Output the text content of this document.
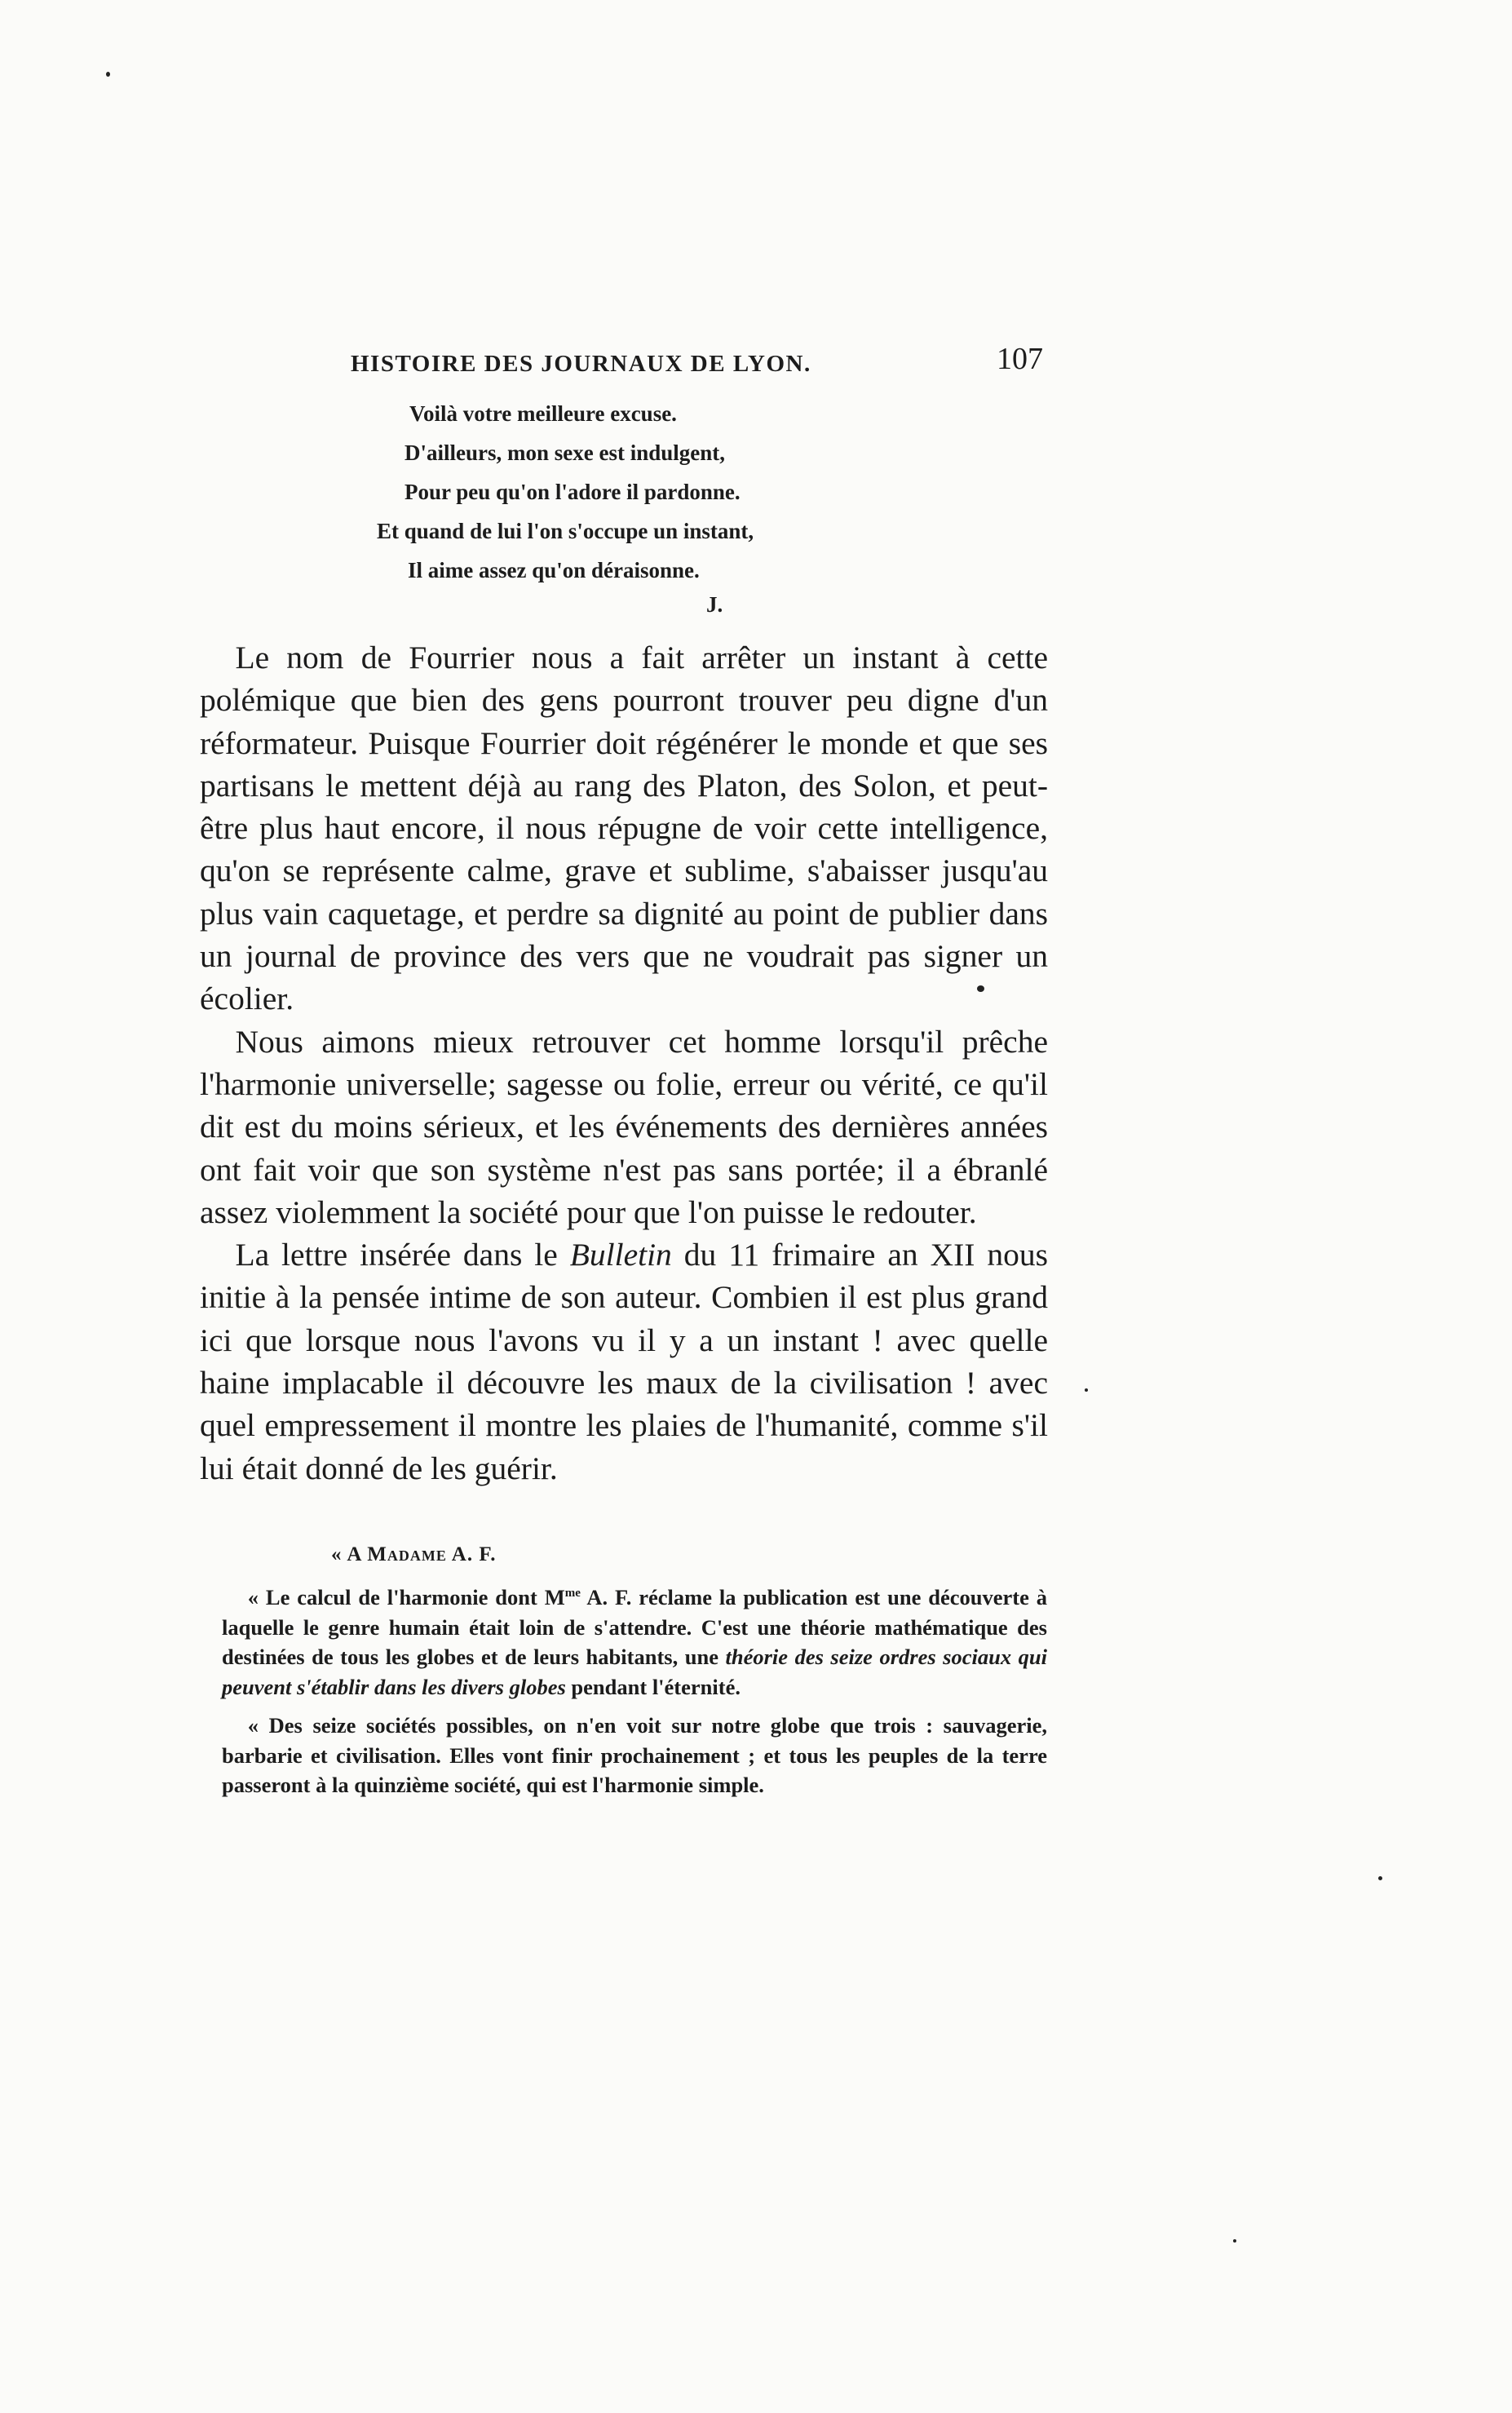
HISTOIRE DES JOURNAUX DE LYON.	107
Voilà votre meilleure excuse.
D'ailleurs, mon sexe est indulgent,
Pour peu qu'on l'adore il pardonne.
Et quand de lui l'on s'occupe un instant,
Il aime assez qu'on déraisonne.
J.

Le nom de Fourrier nous a fait arrêter un instant à cette polémique que bien des gens pourront trouver peu digne d'un réformateur. Puisque Fourrier doit régénérer le monde et que ses partisans le mettent déjà au rang des Platon, des Solon, et peut-être plus haut encore, il nous répugne de voir cette intelligence, qu'on se représente calme, grave et sublime, s'abaisser jusqu'au plus vain caquetage, et perdre sa dignité au point de publier dans un journal de province des vers que ne voudrait pas signer un écolier.

Nous aimons mieux retrouver cet homme lorsqu'il prêche l'harmonie universelle; sagesse ou folie, erreur ou vérité, ce qu'il dit est du moins sérieux, et les événements des dernières années ont fait voir que son système n'est pas sans portée; il a ébranlé assez violemment la société pour que l'on puisse le redouter.

La lettre insérée dans le Bulletin du 11 frimaire an XII nous initie à la pensée intime de son auteur. Combien il est plus grand ici que lorsque nous l'avons vu il y a un instant ! avec quelle haine implacable il découvre les maux de la civilisation ! avec quel empressement il montre les plaies de l'humanité, comme s'il lui était donné de les guérir.

« A Madame A. F.

« Le calcul de l'harmonie dont $M^{me}$ A. F. réclame la publication est une découverte à laquelle le genre humain était loin de s'attendre. C'est une théorie mathématique des destinées de tous les globes et de leurs habitants, une théorie des seize ordres sociaux qui peuvent s'établir dans les divers globes pendant l'éternité.

« Des seize sociétés possibles, on n'en voit sur notre globe que trois : sauvagerie, barbarie et civilisation. Elles vont finir prochainement ; et tous les peuples de la terre passeront à la quinzième société, qui est l'harmonie simple.
